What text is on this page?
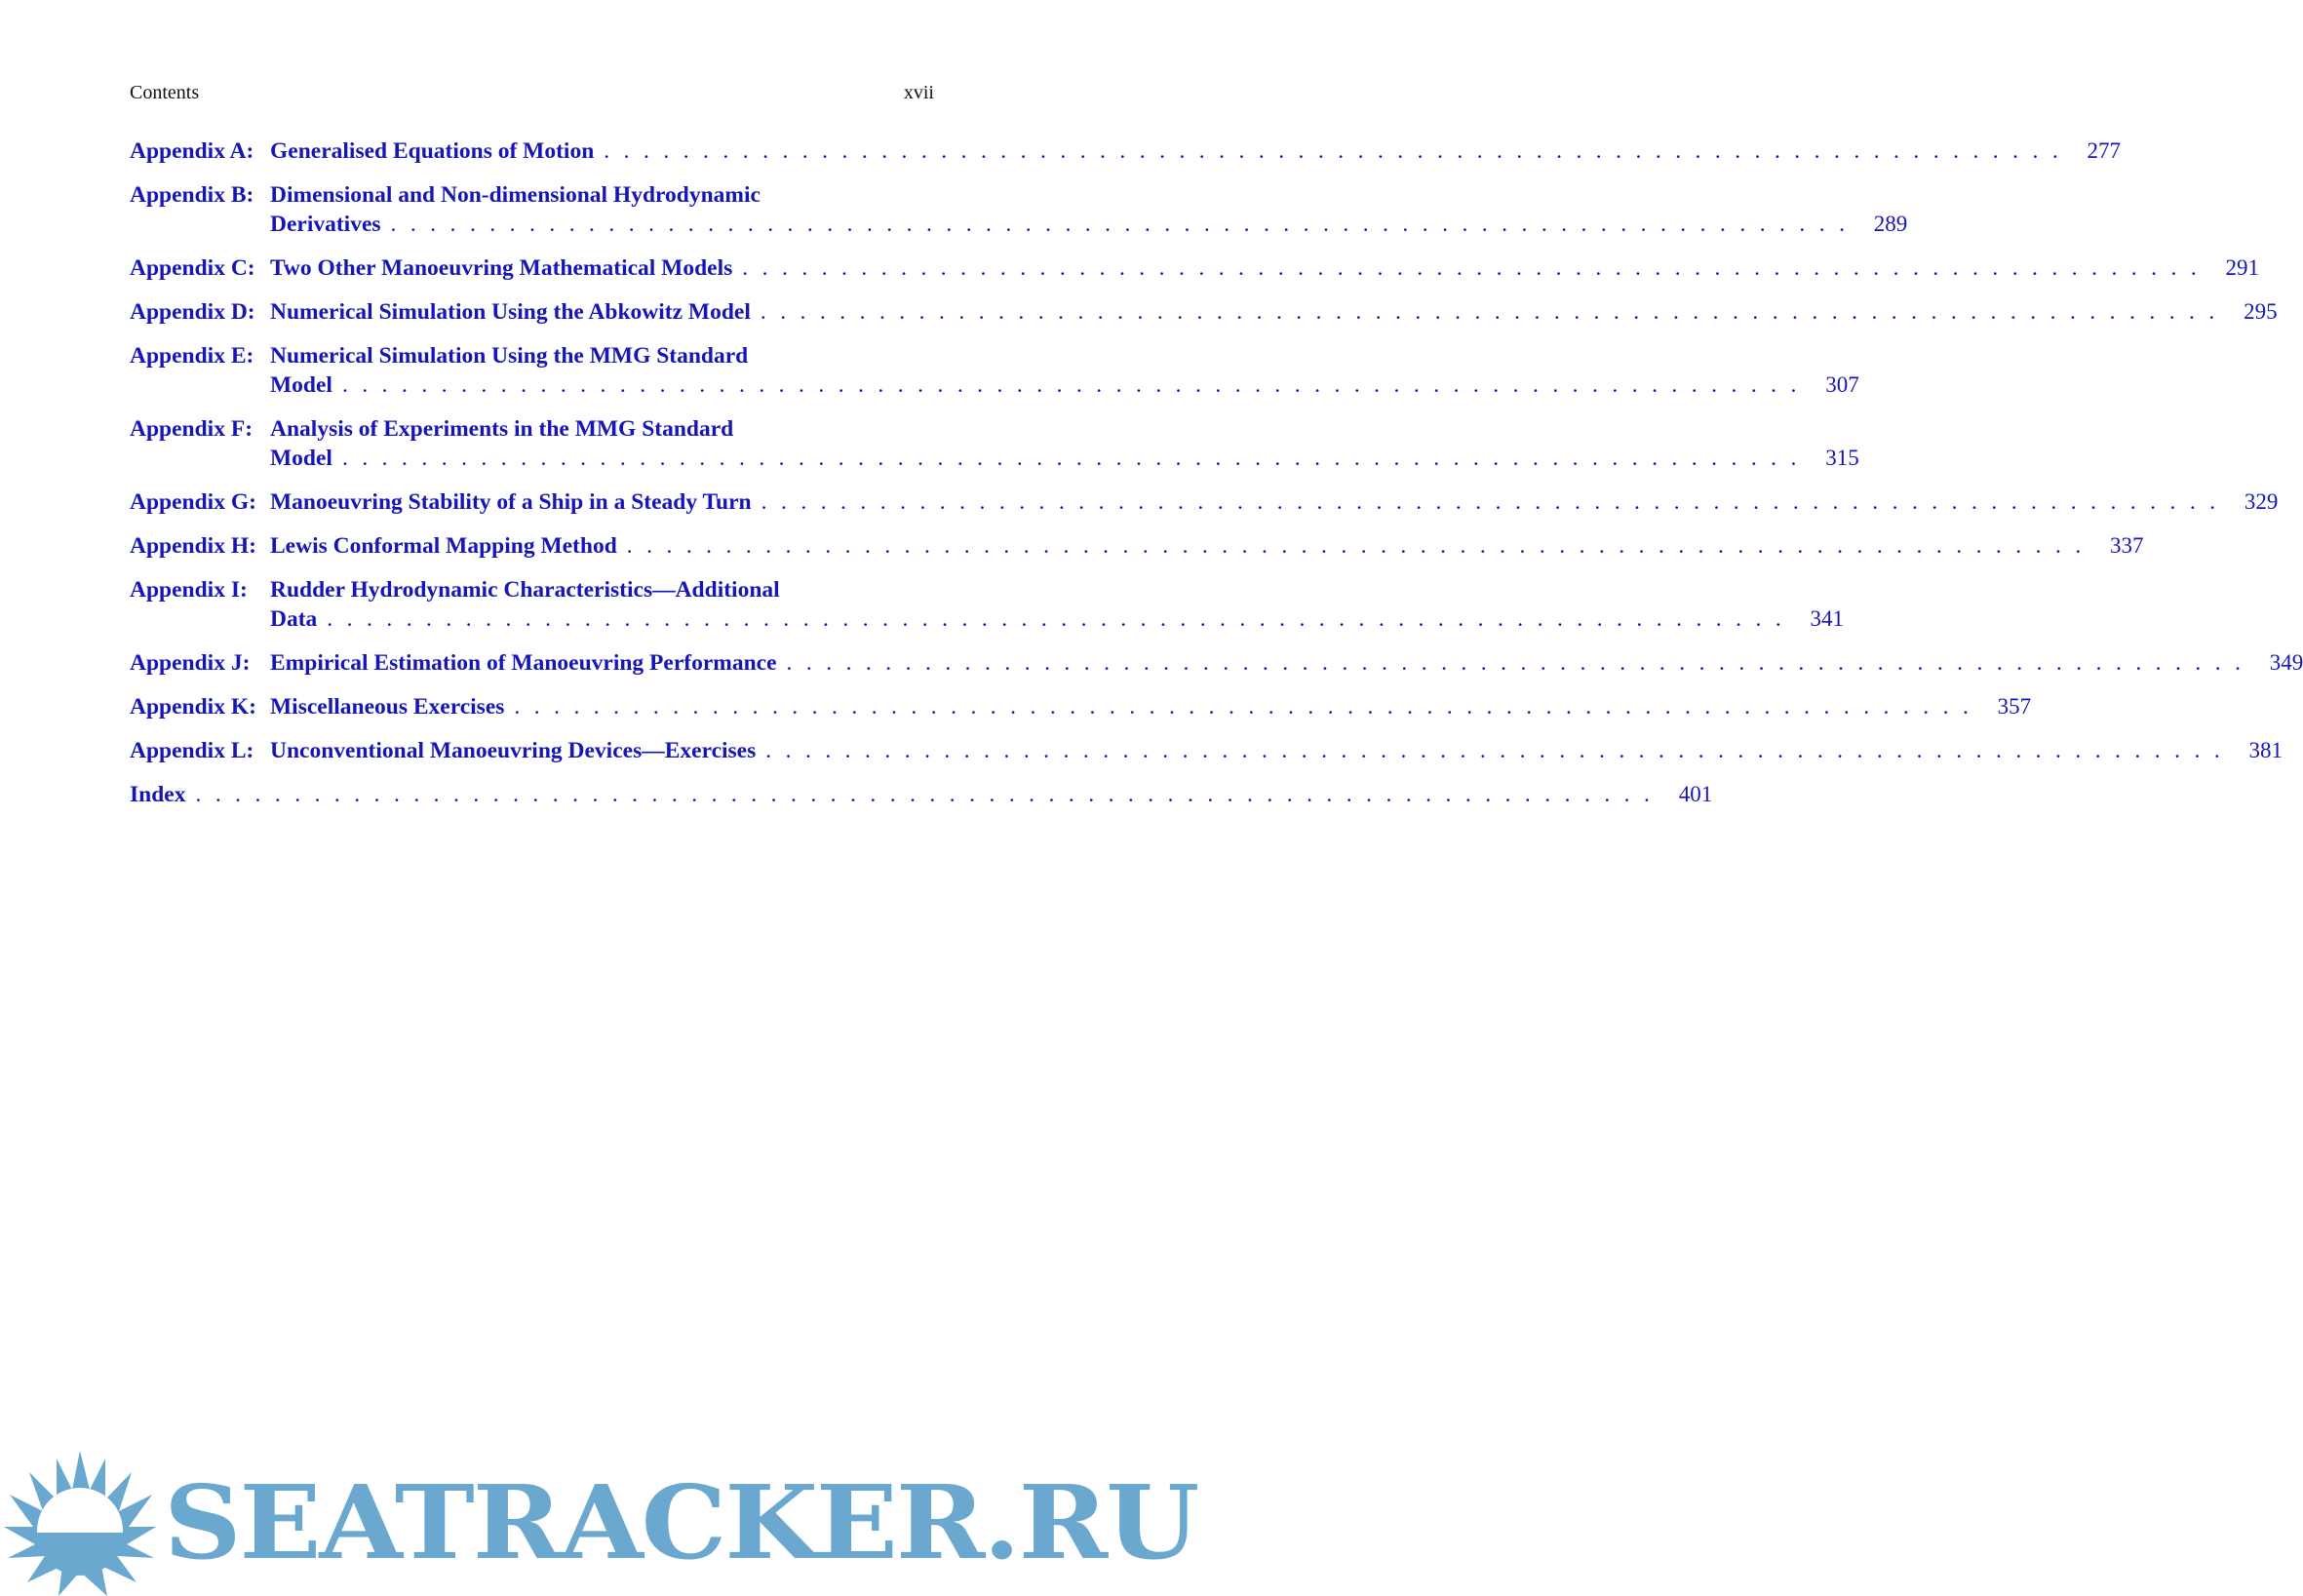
Contents	xvii
Appendix A: Generalised Equations of Motion . . . . . . . . . . . . . . . . . . . . . . . . . . . . . . . . . . . . . . . . . . . . . . . . . . . . . . . . . . . . . . . . . . . . . . . . . .	277
Appendix B: Dimensional and Non-dimensional Hydrodynamic
Derivatives . . . . . . . . . . . . . . . . . . . . . . . . . . . . . . . . . . . . . . . . . . . . . . . . . . . . . . . . . . . . . . . . . . . . . . . . . .	289
Appendix C: Two Other Manoeuvring Mathematical Models . . . . . . . . . . . . . . . . . . . . . . . . . . . . . . . . . . . . . . . . . . . . . . . . . . . . . . . . . . . . . . . . . . . . . . . . . .	291
Appendix D: Numerical Simulation Using the Abkowitz Model . . . . . . . . . . . . . . . . . . . . . . . . . . . . . . . . . . . . . . . . . . . . . . . . . . . . . . . . . . . . . . . . . . . . . . . . . .	295
Appendix E: Numerical Simulation Using the MMG Standard
Model . . . . . . . . . . . . . . . . . . . . . . . . . . . . . . . . . . . . . . . . . . . . . . . . . . . . . . . . . . . . . . . . . . . . . . . . . .	307
Appendix F: Analysis of Experiments in the MMG Standard
Model . . . . . . . . . . . . . . . . . . . . . . . . . . . . . . . . . . . . . . . . . . . . . . . . . . . . . . . . . . . . . . . . . . . . . . . . . .	315
Appendix G: Manoeuvring Stability of a Ship in a Steady Turn . . . . . . . . . . . . . . . . . . . . . . . . . . . . . . . . . . . . . . . . . . . . . . . . . . . . . . . . . . . . . . . . . . . . . . . . . .	329
Appendix H: Lewis Conformal Mapping Method . . . . . . . . . . . . . . . . . . . . . . . . . . . . . . . . . . . . . . . . . . . . . . . . . . . . . . . . . . . . . . . . . . . . . . . . . .	337
Appendix I: Rudder Hydrodynamic Characteristics—Additional
Data . . . . . . . . . . . . . . . . . . . . . . . . . . . . . . . . . . . . . . . . . . . . . . . . . . . . . . . . . . . . . . . . . . . . . . . . . .	341
Appendix J: Empirical Estimation of Manoeuvring Performance . . . . . . . . . . . . . . . . . . . . . . . . . . . . . . . . . . . . . . . . . . . . . . . . . . . . . . . . . . . . . . . . . . . . . . . . . .	349
Appendix K: Miscellaneous Exercises . . . . . . . . . . . . . . . . . . . . . . . . . . . . . . . . . . . . . . . . . . . . . . . . . . . . . . . . . . . . . . . . . . . . . . . . . .	357
Appendix L: Unconventional Manoeuvring Devices—Exercises . . . . . . . . . . . . . . . . . . . . . . . . . . . . . . . . . . . . . . . . . . . . . . . . . . . . . . . . . . . . . . . . . . . . . . . . . .	381
Index . . . . . . . . . . . . . . . . . . . . . . . . . . . . . . . . . . . . . . . . . . . . . . . . . . . . . . . . . . . . . . . . . . . . . . . . . .	401
SEATRACKER.RU
